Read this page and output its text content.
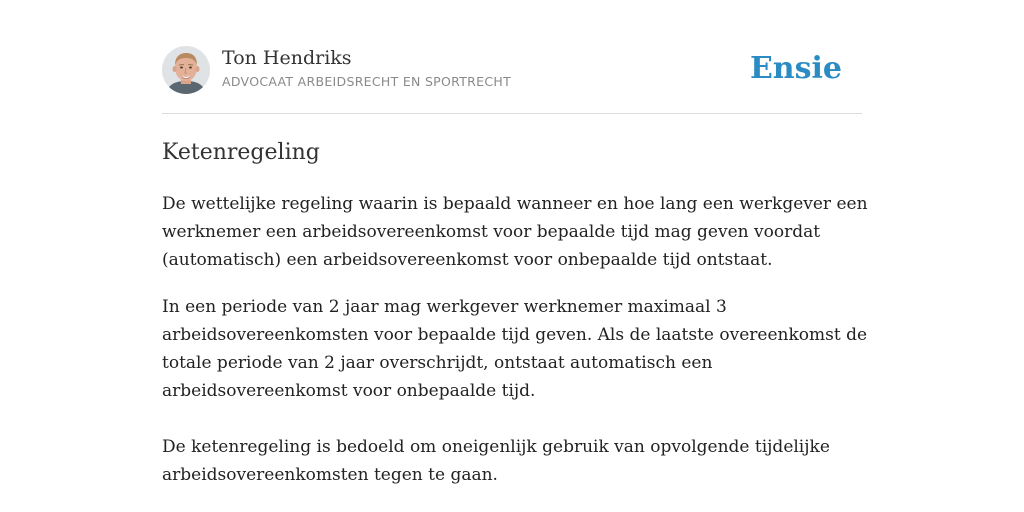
Ton Hendriks
ADVOCAAT ARBEIDSRECHT EN SPORTRECHT	Ensie
Ketenregeling

De wettelijke regeling waarin is bepaald wanneer en hoe lang een werkgever een
werknemer een arbeidsovereenkomst voor bepaalde tijd mag geven voordat
(automatisch) een arbeidsovereenkomst voor onbepaalde tijd ontstaat.

In een periode van 2 jaar mag werkgever werknemer maximaal 3
arbeidsovereenkomsten voor bepaalde tijd geven. Als de laatste overeenkomst de
totale periode van 2 jaar overschrijdt, ontstaat automatisch een
arbeidsovereenkomst voor onbepaalde tijd.

De ketenregeling is bedoeld om oneigenlijk gebruik van opvolgende tijdelijke
arbeidsovereenkomsten tegen te gaan.
